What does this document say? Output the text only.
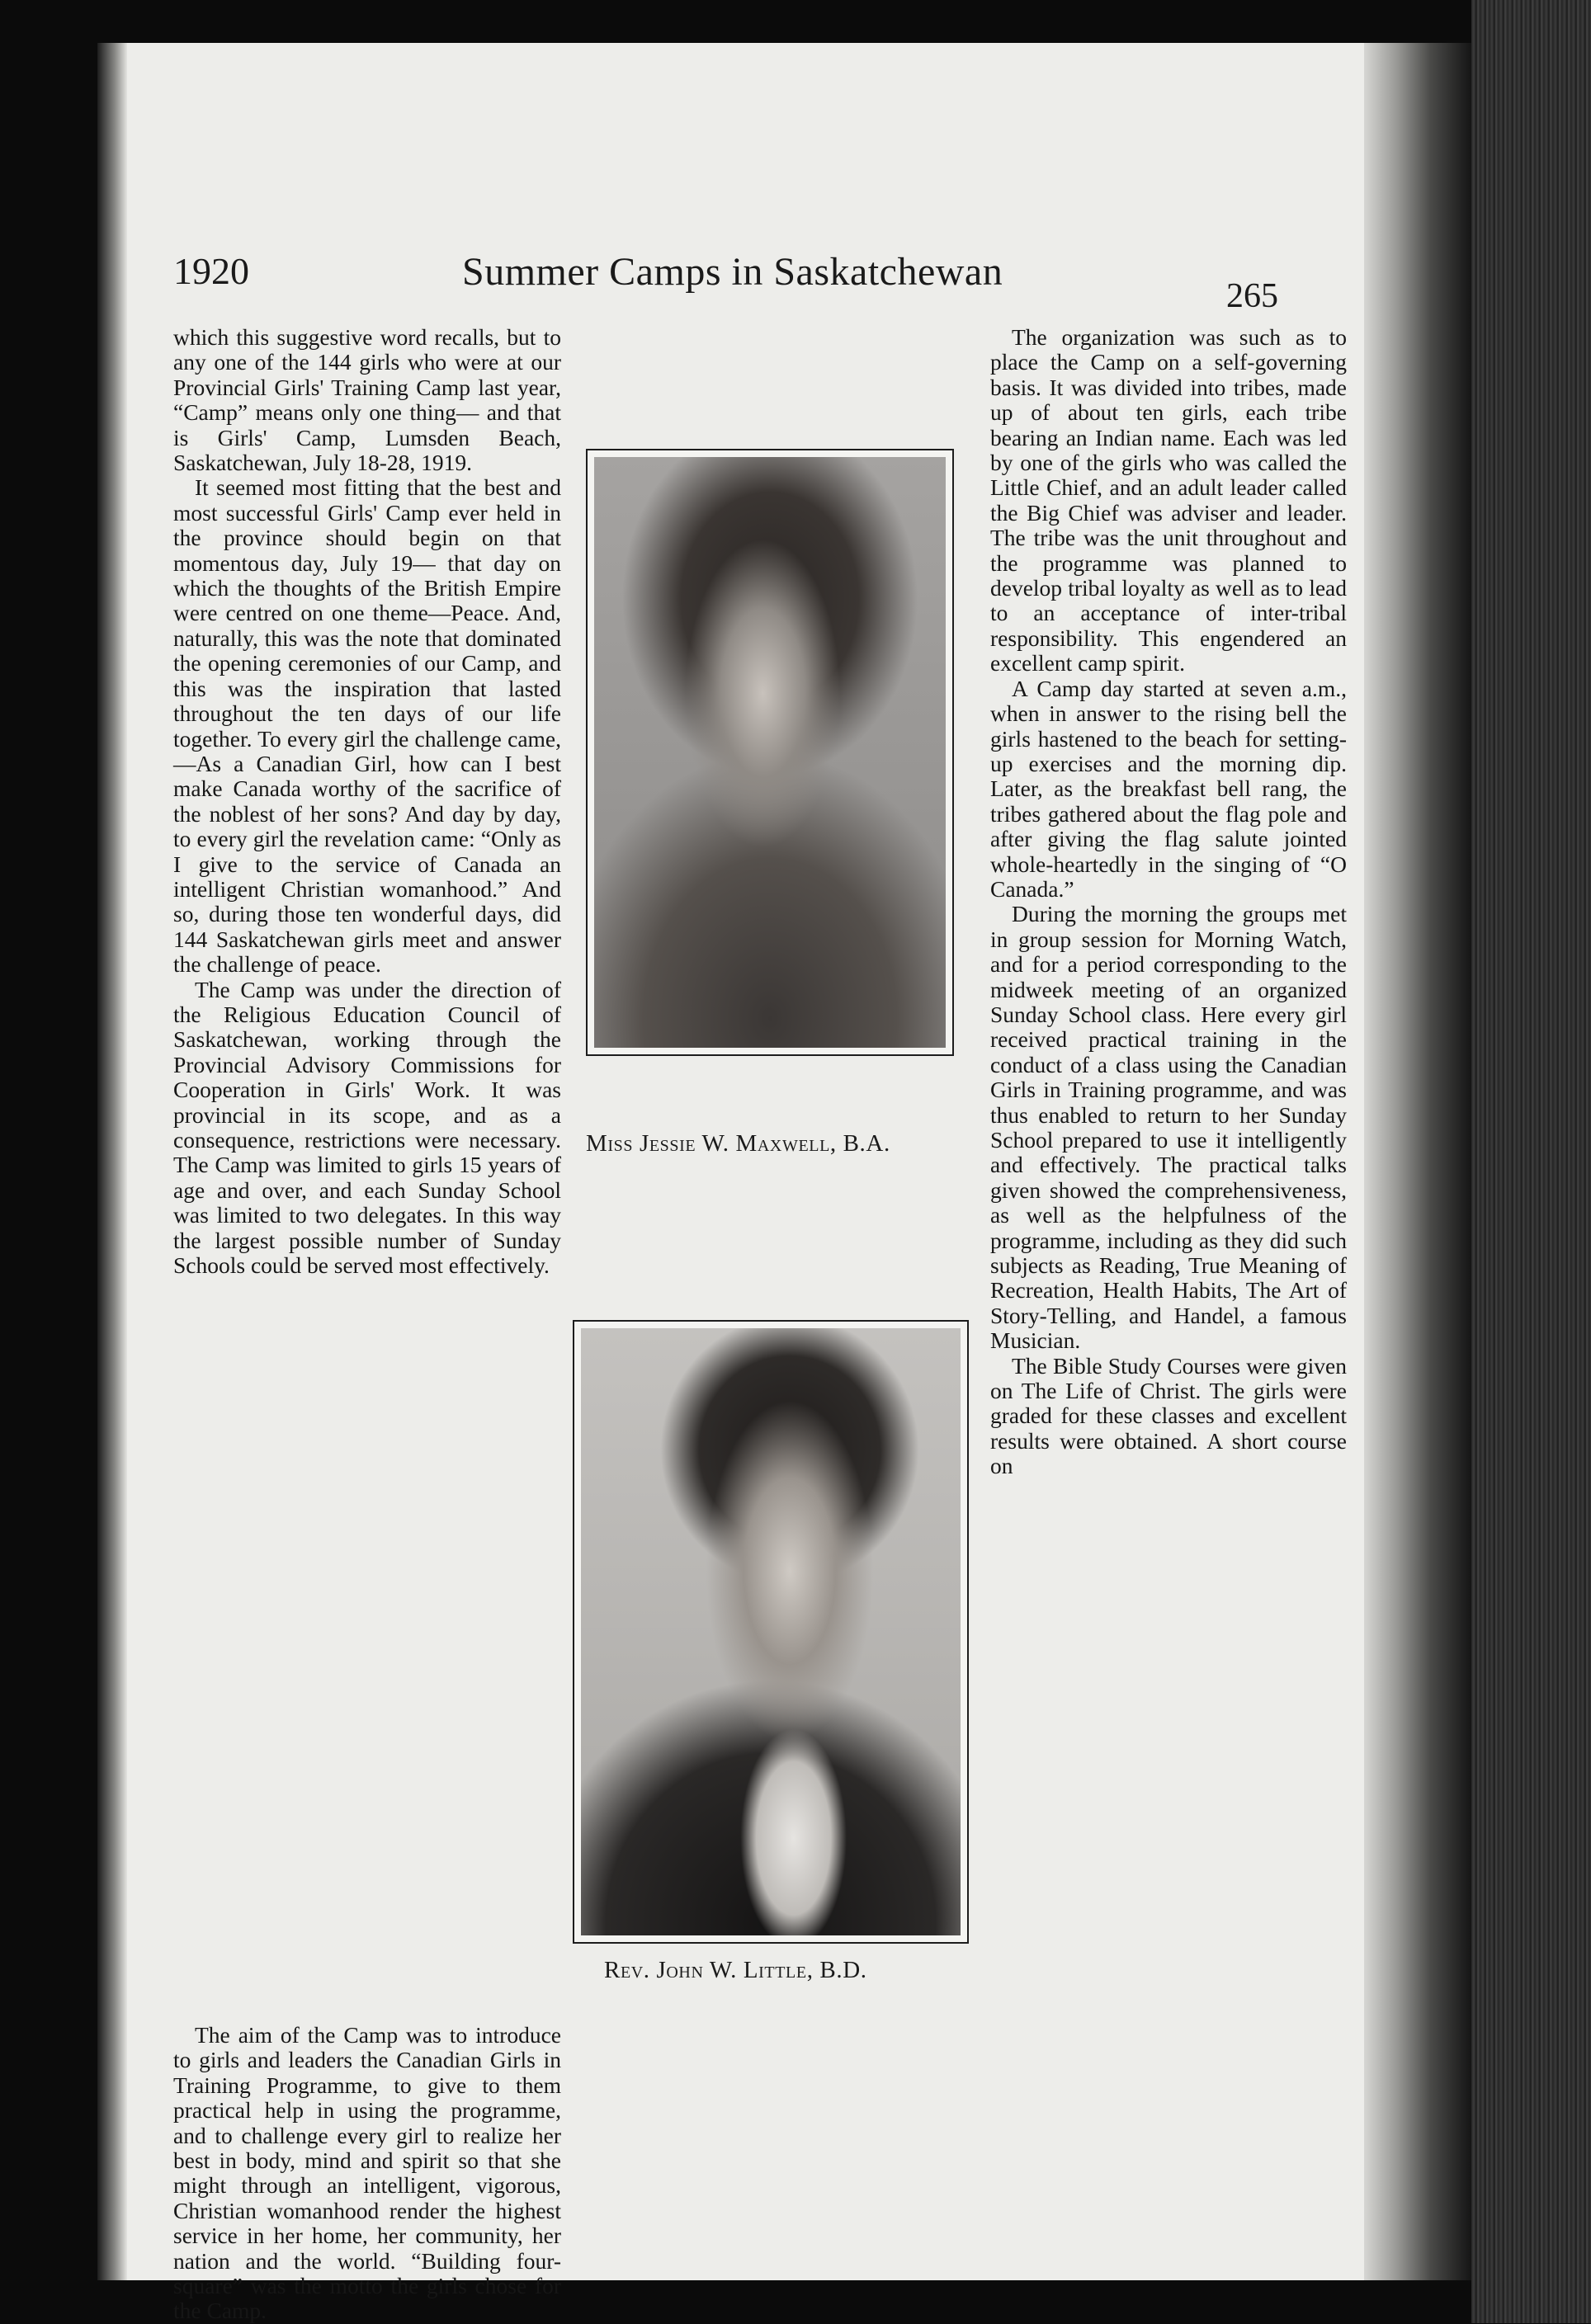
1920	Summer Camps in Saskatchewan
265

which this suggestive word recalls, but to any one of the 144 girls who were at our Provincial Girls' Training Camp last year, “Camp” means only one thing— and that is Girls' Camp, Lumsden Beach, Saskatchewan, July 18-28, 1919.

It seemed most fitting that the best and most successful Girls' Camp ever held in the province should begin on that momentous day, July 19— that day on which the thoughts of the British Empire were centred on one theme—Peace. And, naturally, this was the note that dominated the opening ceremonies of our Camp, and this was the inspiration that lasted throughout the ten days of our life together. To every girl the challenge came,—As a Canadian Girl, how can I best make Canada worthy of the sacrifice of the noblest of her sons? And day by day, to every girl the revelation came: “Only as I give to the service of Canada an intelligent Christian womanhood.” And so, during those ten wonderful days, did 144 Saskatchewan girls meet and answer the challenge of peace.

The Camp was under the direction of the Religious Education Council of Saskatchewan, working through the Provincial Advisory Commissions for Cooperation in Girls' Work. It was provincial in its scope, and as a consequence, restrictions were necessary. The Camp was limited to girls 15 years of age and over, and each Sunday School was limited to two delegates. In this way the largest possible number of Sunday Schools could be served most effectively.

Miss Jessie W. Maxwell, B.A.
Rev. John W. Little, B.D.

The aim of the Camp was to introduce to girls and leaders the Canadian Girls in Training Programme, to give to them practical help in using the programme, and to challenge every girl to realize her best in body, mind and spirit so that she might through an intelligent, vigorous, Christian womanhood render the highest service in her home, her community, her nation and the world. “Building four-square” was the motto the girls chose for the Camp.

The organization was such as to place the Camp on a self-governing basis. It was divided into tribes, made up of about ten girls, each tribe bearing an Indian name. Each was led by one of the girls who was called the Little Chief, and an adult leader called the Big Chief was adviser and leader. The tribe was the unit throughout and the programme was planned to develop tribal loyalty as well as to lead to an acceptance of inter-tribal responsibility. This engendered an excellent camp spirit.

A Camp day started at seven a.m., when in answer to the rising bell the girls hastened to the beach for setting-up exercises and the morning dip. Later, as the breakfast bell rang, the tribes gathered about the flag pole and after giving the flag salute jointed whole-heartedly in the singing of “O Canada.”

During the morning the groups met in group session for Morning Watch, and for a period corresponding to the midweek meeting of an organized Sunday School class. Here every girl received practical training in the conduct of a class using the Canadian Girls in Training programme, and was thus enabled to return to her Sunday School prepared to use it intelligently and effectively. The practical talks given showed the comprehensiveness, as well as the helpfulness of the programme, including as they did such subjects as Reading, True Meaning of Recreation, Health Habits, The Art of Story-Telling, and Handel, a famous Musician.

The Bible Study Courses were given on The Life of Christ. The girls were graded for these classes and excellent results were obtained. A short course on
